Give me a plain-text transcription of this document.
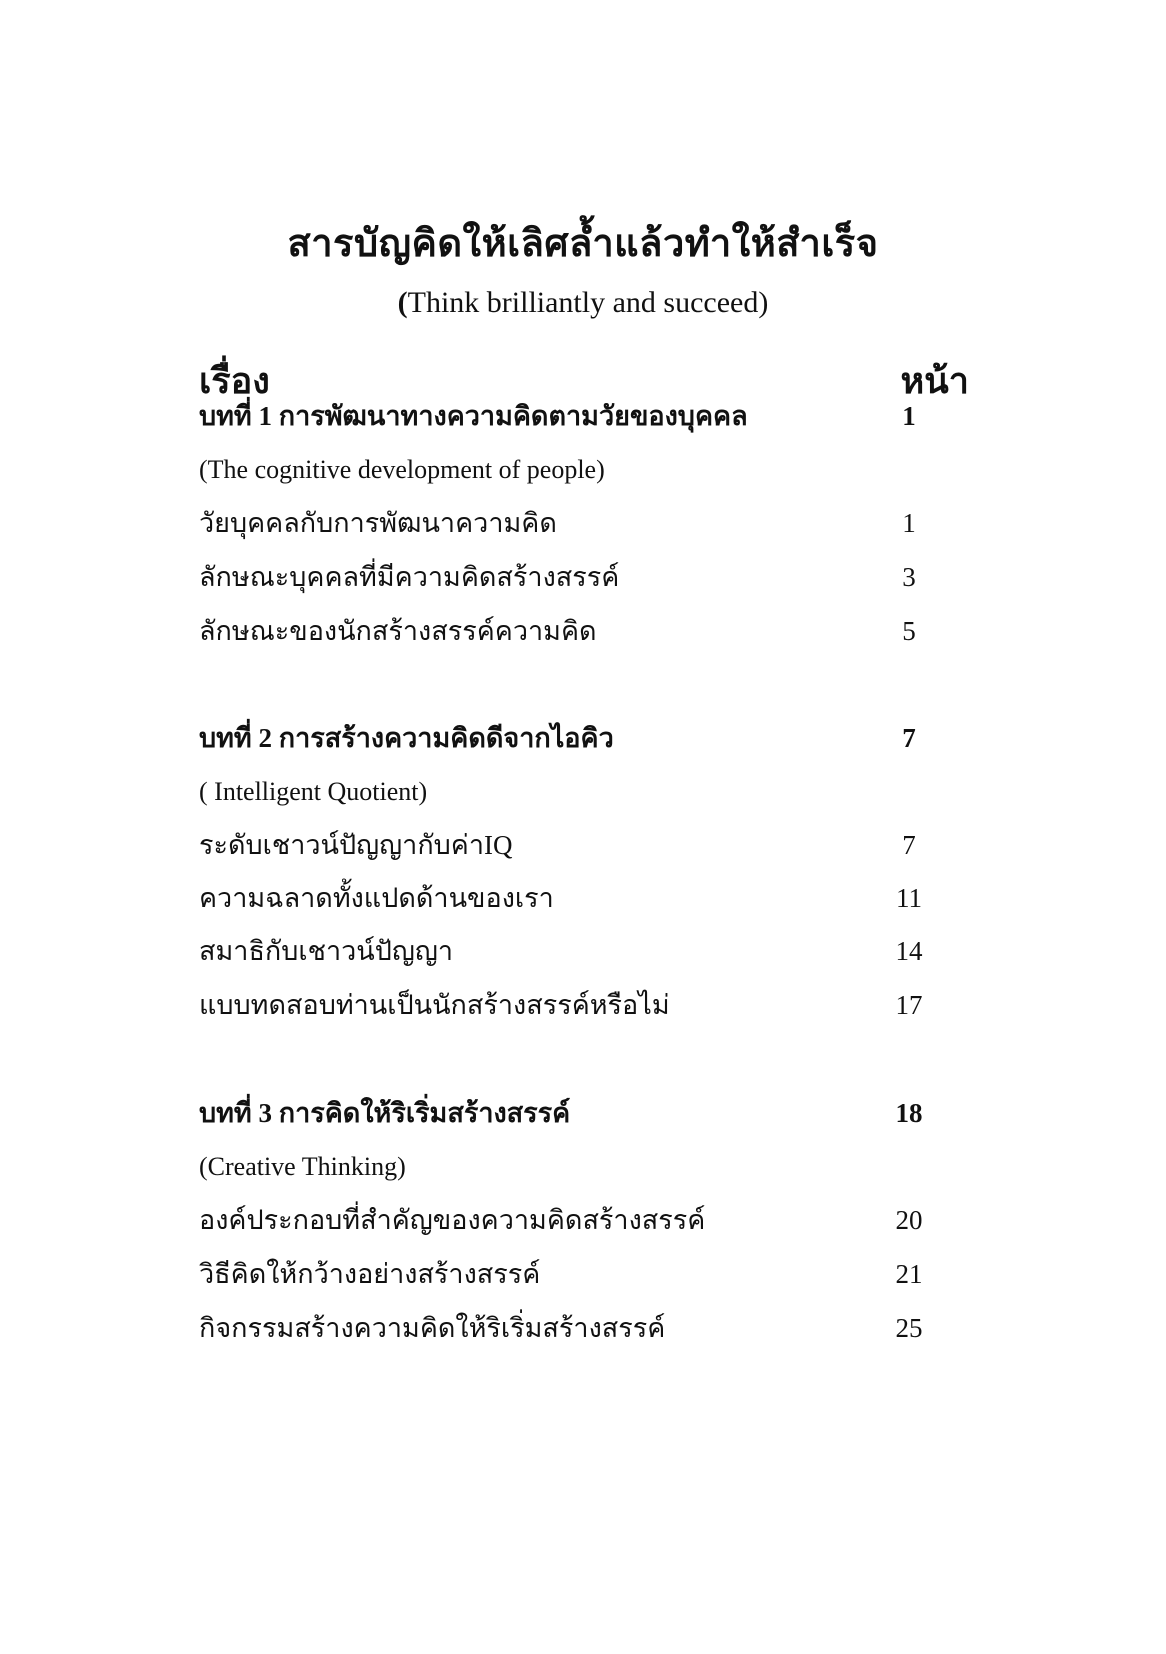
สารบัญคิดให้เลิศล้ำแล้วทำให้สำเร็จ
(Think brilliantly and succeed)
เรื่อง	หน้า
บทที่ 1 การพัฒนาทางความคิดตามวัยของบุคคล	1
(The cognitive development of people)
วัยบุคคลกับการพัฒนาความคิด	1
ลักษณะบุคคลที่มีความคิดสร้างสรรค์	3
ลักษณะของนักสร้างสรรค์ความคิด	5
บทที่ 2 การสร้างความคิดดีจากไอคิว	7
( Intelligent Quotient)
ระดับเชาวน์ปัญญากับค่าIQ	7
ความฉลาดทั้งแปดด้านของเรา	11
สมาธิกับเชาวน์ปัญญา	14
แบบทดสอบท่านเป็นนักสร้างสรรค์หรือไม่	17
บทที่ 3 การคิดให้ริเริ่มสร้างสรรค์	18
(Creative Thinking)
องค์ประกอบที่สำคัญของความคิดสร้างสรรค์	20
วิธีคิดให้กว้างอย่างสร้างสรรค์	21
กิจกรรมสร้างความคิดให้ริเริ่มสร้างสรรค์	25
